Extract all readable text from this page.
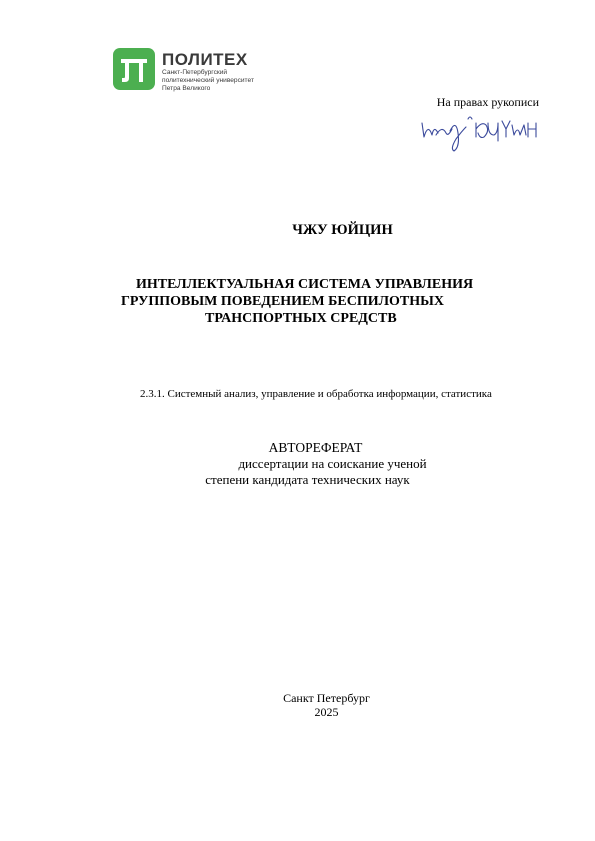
ПОЛИТЕХ
Санкт-Петербургский
политехнический университет
Петра Великого
На правах рукописи
ЧЖУ ЮЙЦИН
ИНТЕЛЛЕКТУАЛЬНАЯ СИСТЕМА УПРАВЛЕНИЯ
ГРУППОВЫМ ПОВЕДЕНИЕМ БЕСПИЛОТНЫХ
ТРАНСПОРТНЫХ СРЕДСТВ
2.3.1. Системный анализ, управление и обработка информации, статистика
АВТОРЕФЕРАТ
диссертации на соискание ученой
степени кандидата технических наук
Санкт Петербург
2025
